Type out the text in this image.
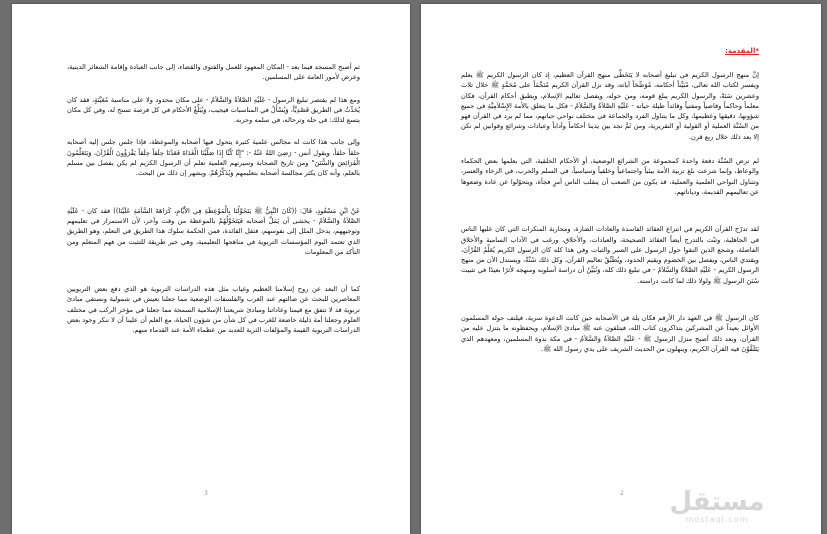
ثم أصبح المسجد فيما بعد - المكان المعهود للعمل والفتوى والقضاء، إلى جانب العبادة وإقامة الشعائر الدينية، وعرض لأمور العامة على المسلمين.

ومع هذا لم يقتصر تبليغ الرسول - عَلَيْهِ الصَّلاَةُ وَالسَّلاَمُ - على مكان محدود ولا على مناسبة مُعَيَّنَةٍ، فقد كان يُحَدِّثُ في الطريق قَصْدِيَّاً، وَيُسْأَلُ في المناسبات فيجيب، وَيُبَلِّغُ الأحكام في كل فرصة تسنح له، وفي كل مكان يتسع لذلك: في حله وترحاله، في سلمه وحربه.

وإلى جانب هذا كانت له مجالس علمية كثيرة يتحول فيها أصحابه والموعظة، فإذا جلس جلس إليه أصحابه حلقاً حلقاً، ويقول أنس - رَضِيَ اللهُ عَنْهُ -: "إِنَّا كُنَّا إِذَا صَلَّيْنَا الْغَدَاةَ قَعَدْنَا حِلَقاً حِلَقاً يَقْرَؤُونَ الْقُرْآنَ، وَيَتَعَلَّمُونَ الْفَرَائِضَ وَالسُّنَنَ" ومن تاريخ الصحابة وسيرتهم العلمية تعلم أن الرسول الكريم لم يكن يفصل بين مسلم بالعلم، وأنه كان يكثر مجالسة أصحابه بتعليمهم وَيُذَكِّرُهُمْ. ويشهر إن ذلك من البحث.

عَنْ ابْنِ مَسْعُودٍ، قَالَ: ((كَانَ النَّبِيُّ ﷺ يَتَخَوَّلُنَا بِالْمَوْعِظَةِ فِي الأَيَّامِ، كَرَاهَةَ السَّآمَةِ عَلَيْنَا)) فقد كان - عَلَيْهِ الصَّلاَةُ وَالسَّلاَمُ - يخشى أن يَمَلَّ أصحابه فَيَتَخَوَّلُهُمْ بالموعظة من وقت وآخر، لأن الاستمرار في تعليمهم وتوجيههم، يدخل الملل إلى نفوسهم، فتقل الفائدة، فمن الحكمة سلوك هذا الطريق في التعلم، وهو الطريق الذي تعتمد اليوم المؤسسات التربوية في مناهجها التعليمية، وهي خير طريقة للتثبت من فهم المتعلم ومن التأكد من المعلومات

كما أن البعد عن روح إسلامنا العظيم وغياب مثل هذه الدراسات التربوية هو الذي دفع بعض التربويين المعاصرين للبحث عن ضالتهم عند الغرب والفلسفات الوضعية مما جعلنا نعيش في شمولية ونستقي مبادئ تربوية قد لا تتفق مع قيمنا وعاداتنا ومبادئ شريعتنا الإسلامية السمحة مما جعلنا في مؤخر الركب في مختلف العلوم وجعلنا أمة ذليلة خاضعة للغرب في كل شأن من شؤون الحياة، مع العلم أن علينا أن لا ننكر وجود بعض الدراسات التربوية القيمة والمؤلفات الثرية للعديد من عظماء الأمة عند القدماء منهم.

3
*المقدمة:

إنَّ منهج الرسول الكريم في تبليغ أصحابه لا يَتَخَطَّى منهج القرآن العظيم، إذ كان الرسول الكريم ﷺ يعلم ويفسر لكتاب الله تعالى، مُبَيِّناً أحكامه، مُوَضِّحَاً آياته، وقد نزل القرآن الكريم مُنَجَّمَاً على مُحَمَّدٍ ﷺ خلال ثلاث وعشرين سَنَةً، والرسول الكريم يبلغ قومه، ومن حوله، ويفصل تعاليم الإسلام، ويطبق أحكام القرآن، فكان معلماً وحاكماً وقاضياً ومفتياً وقائداً طيلة حياته - عَلَيْهِ الصَّلاَةُ وَالسَّلاَمُ - فكل ما يتعلق بالأمة الإِسْلاَمِيَّةِ في جميع شؤونها، دقيقها وعظيمها، وكل ما يتناول الفرد والجماعة في مختلف نواحي حياتهم، مما لم يرد في القرآن فهو من السُنَّة العملية أو القولية أو التقريرية، ومن ثَمَّ نجد بين يدينا أحكاماً وآداباً وعبادات وشرائع وقوانين لم تكن إلا بعد ذلك خلال ربع قرن.

لم ترض السُنَّة دفعة واحدة كمجموعة من الشرائع الوضعية، أو الأحكام الخلقية، التي يعلمها بعض الحكماء والوعاظ، وإنما شرعت بلغ تربية الأمة بيئياً واجتماعياً وخلقياً وسياسياً، في السلم والحرب، في الرخاء والعسر، وتتناول النواحي العلمية والعملية، قد يكون من الصعب أن ينقلب الناس أمرٍ فجأة، ويتحوّلوا عن عادة وضعوها عن تعاليمهم القديمة، ودياناتهم.

لقد تدرّج القرآن الكريم في انتزاع العقائد الفاسدة والعادات الضارة، ومحاربة المنكرات التي كان عليها الناس في الجاهلية، وثبّت بالتدرج أيضاً العقائد الصحيحة، والعبادات، والأخلاق، ورغب في الآداب السامية والأخلاق الفاضلة، وشجع الذين التقوا حول الرسول على الصبر والثبات وفي هذا كله كان الرسول الكريم يُعَلِّمُ القُرْآنَ، ويقتدي الناس، ويفصل بين الخصوم ويقيم الحدود، ويُطَبِّقُ تعاليم القرآن، وكل ذلك سُنَّةٌ، ويستدل الآن من منهج الرسول الكريم - عَلَيْهِ الصَّلاَةُ وَالسَّلاَمُ - في تبليغ ذلك كله، وَنُبَيِّنُ أن دراسة أسلوبه ومنهجه لأثرًا بعيدًا في تثبيت سُنَنَ الرسول ﷺ ولولا ذلك لما كانت دراسته.

كان الرسول ﷺ في العهد دار الأرقم فكان يلة في الأصحابه حين كانت الدعوة سرية، فيلتف حوله المسلمون الأوائل بعيداً عن المشركين يتذاكرون كتاب الله، فيتلقون عنه ﷺ مبادئ الإسلام، ويحفظونه ما يتنزل عليه من القرآن، وبعد ذلك أصبح منزل الرسول ﷺ - عَلَيْهِ الصَّلاَةُ وَالسَّلاَمُ - في مكة ندوة المسلمين، ومعهدهم الذي يَتَلَقَّوْنَ فيه القرآن الكريم، وينهلون من الحديث الشريف على يدي رسول الله ﷺ.

2	مستقل
mostaql.com
